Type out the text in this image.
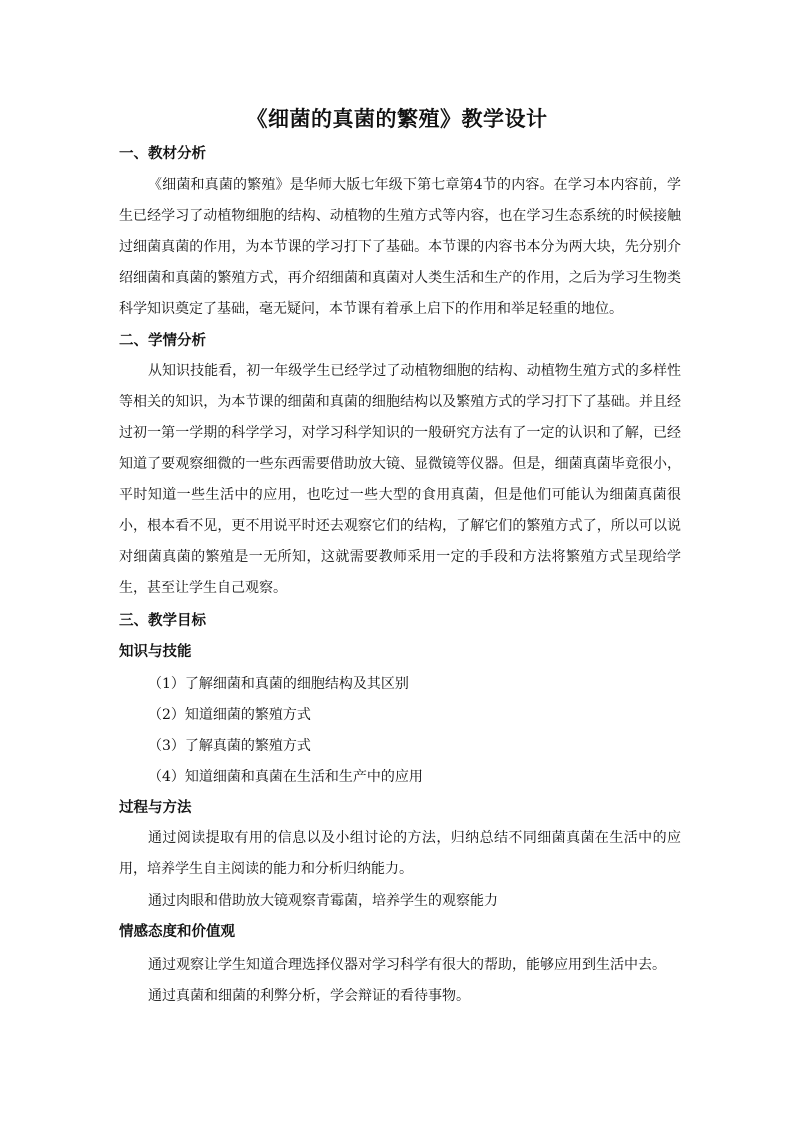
《细菌的真菌的繁殖》教学设计
一、教材分析
《细菌和真菌的繁殖》是华师大版七年级下第七章第4节的内容。在学习本内容前，学生已经学习了动植物细胞的结构、动植物的生殖方式等内容，也在学习生态系统的时候接触过细菌真菌的作用，为本节课的学习打下了基础。本节课的内容书本分为两大块，先分别介绍细菌和真菌的繁殖方式，再介绍细菌和真菌对人类生活和生产的作用，之后为学习生物类科学知识奠定了基础，毫无疑问，本节课有着承上启下的作用和举足轻重的地位。
二、学情分析
从知识技能看，初一年级学生已经学过了动植物细胞的结构、动植物生殖方式的多样性等相关的知识，为本节课的细菌和真菌的细胞结构以及繁殖方式的学习打下了基础。并且经过初一第一学期的科学学习，对学习科学知识的一般研究方法有了一定的认识和了解，已经知道了要观察细微的一些东西需要借助放大镜、显微镜等仪器。但是，细菌真菌毕竟很小，平时知道一些生活中的应用，也吃过一些大型的食用真菌，但是他们可能认为细菌真菌很小，根本看不见，更不用说平时还去观察它们的结构，了解它们的繁殖方式了，所以可以说对细菌真菌的繁殖是一无所知，这就需要教师采用一定的手段和方法将繁殖方式呈现给学生，甚至让学生自己观察。
三、教学目标
知识与技能
（1）了解细菌和真菌的细胞结构及其区别
（2）知道细菌的繁殖方式
（3）了解真菌的繁殖方式
（4）知道细菌和真菌在生活和生产中的应用
过程与方法
通过阅读提取有用的信息以及小组讨论的方法，归纳总结不同细菌真菌在生活中的应用，培养学生自主阅读的能力和分析归纳能力。
通过肉眼和借助放大镜观察青霉菌，培养学生的观察能力
情感态度和价值观
通过观察让学生知道合理选择仪器对学习科学有很大的帮助，能够应用到生活中去。
通过真菌和细菌的利弊分析，学会辩证的看待事物。
